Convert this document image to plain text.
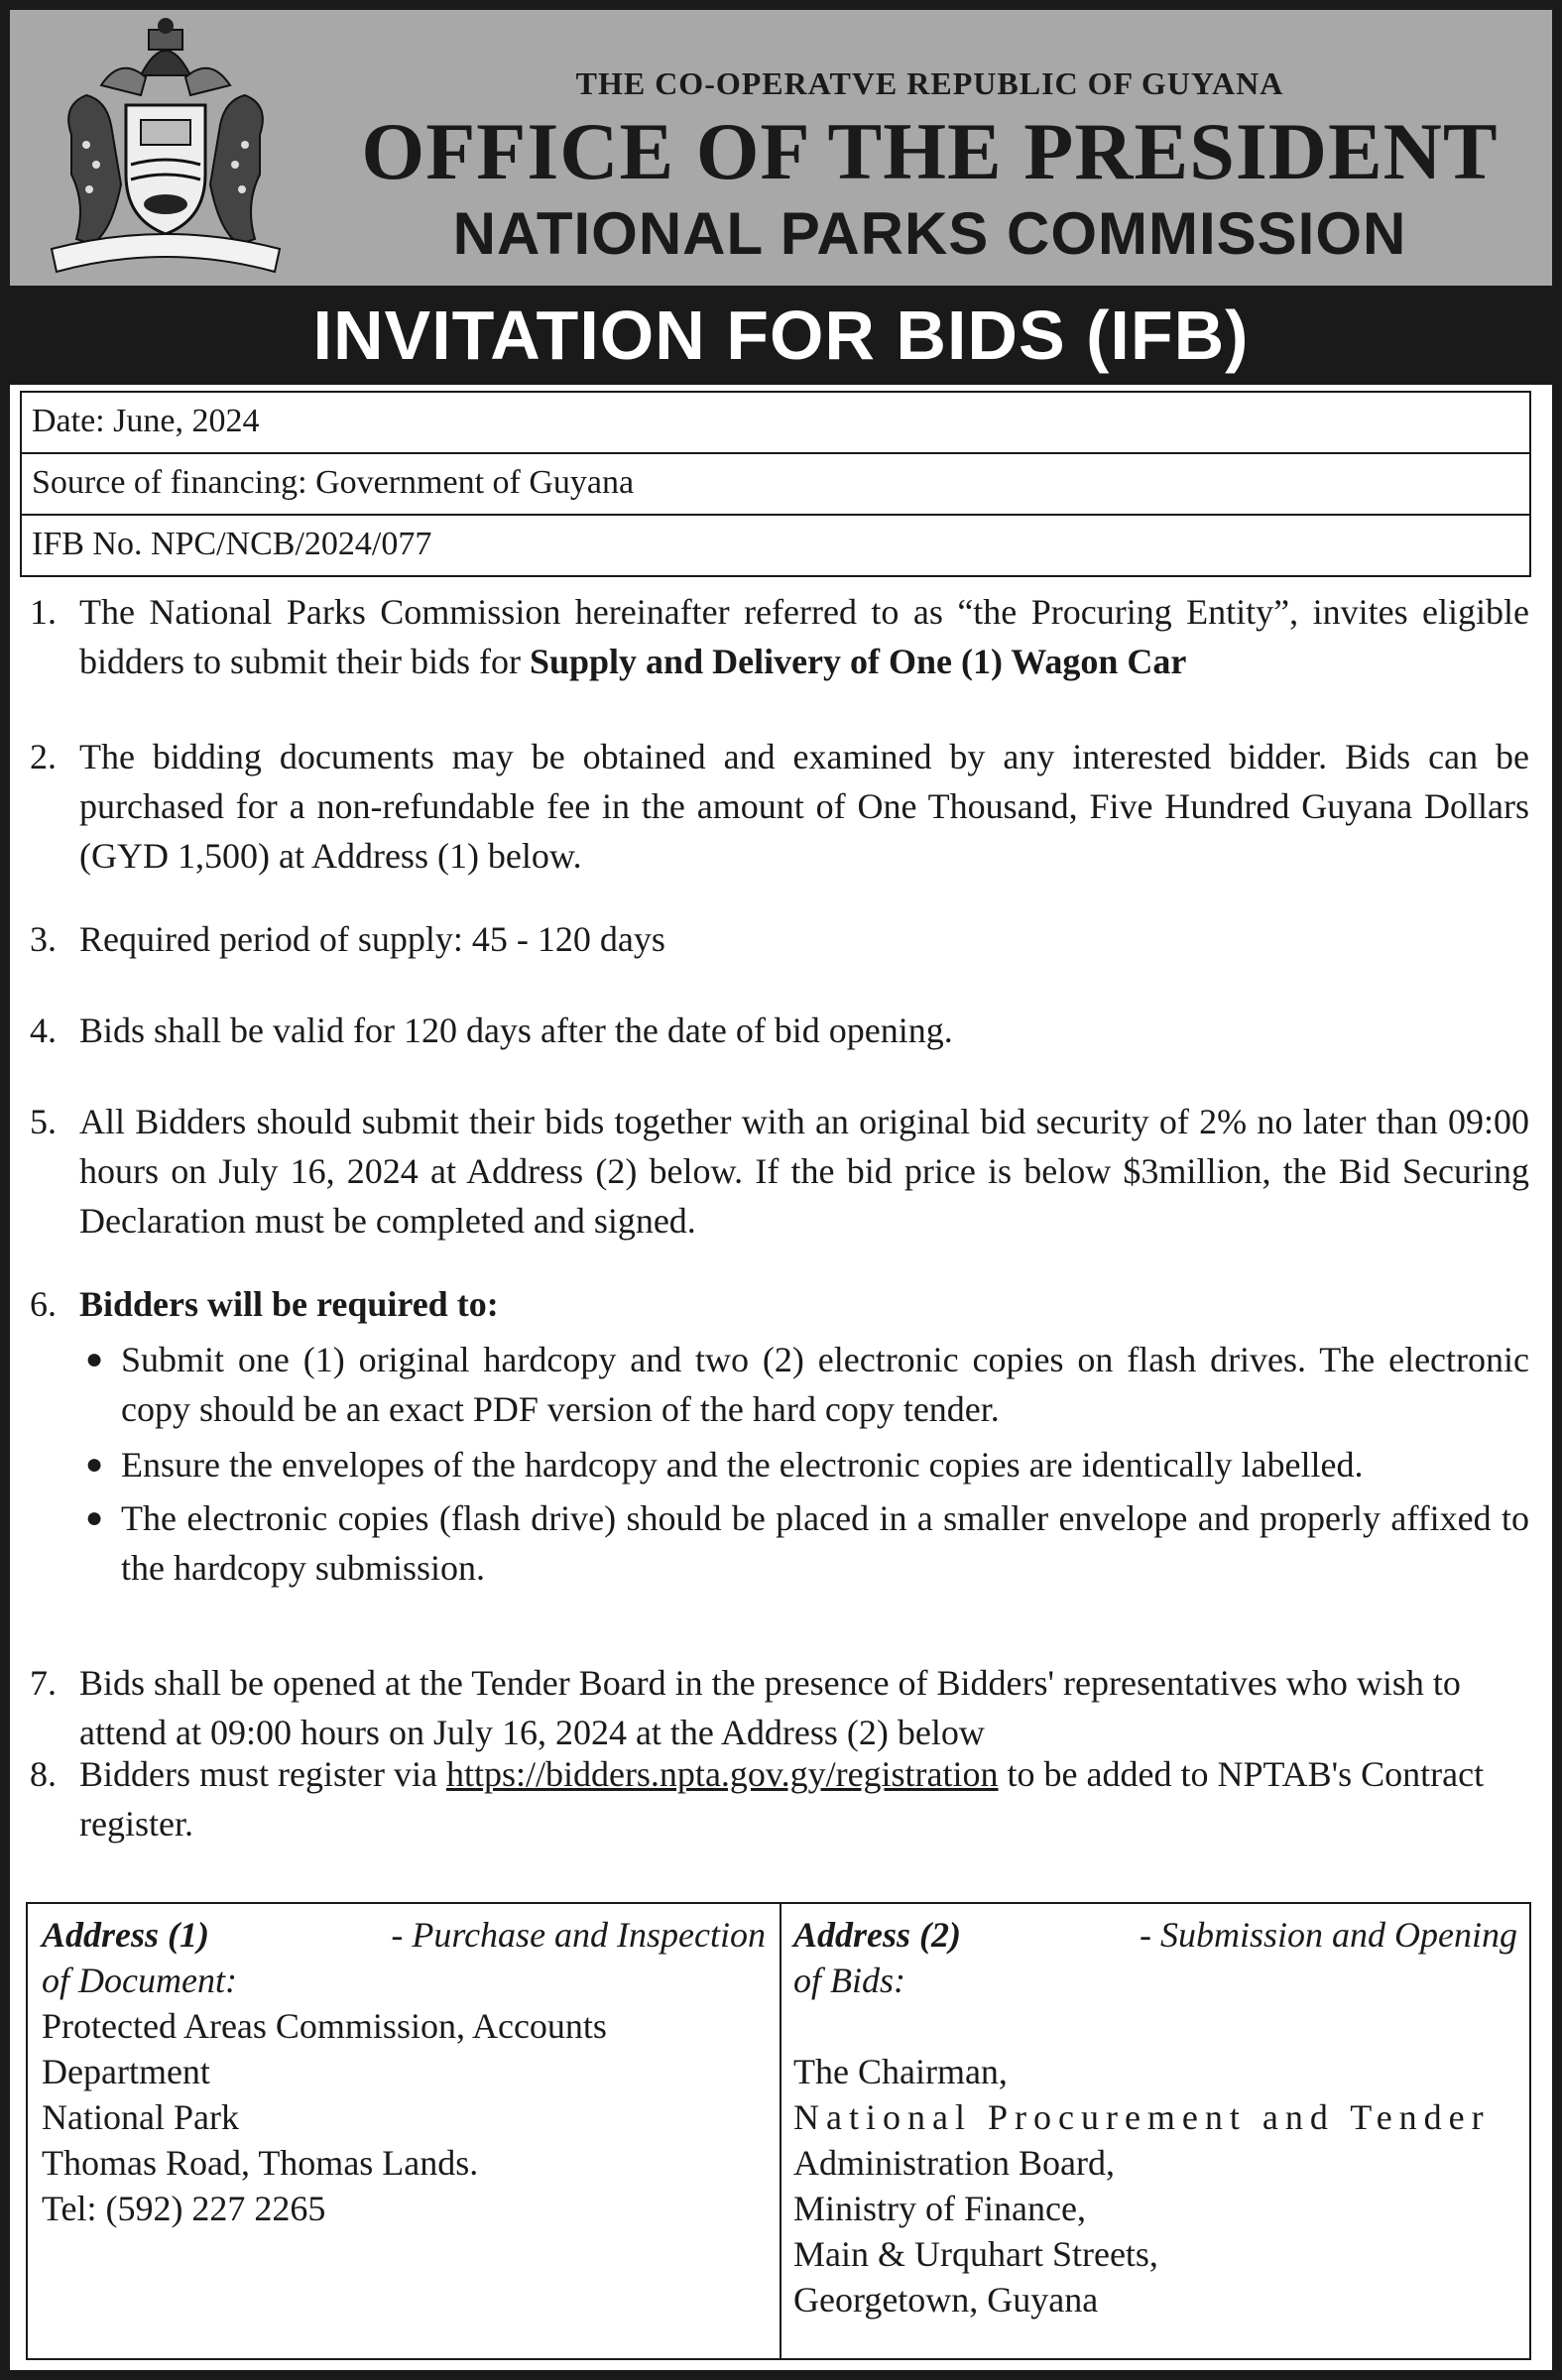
THE CO-OPERATVE REPUBLIC OF GUYANA
OFFICE OF THE PRESIDENT
NATIONAL PARKS COMMISSION
INVITATION FOR BIDS (IFB)
Date: June, 2024
Source of financing: Government of Guyana
IFB No. NPC/NCB/2024/077
1. The National Parks Commission hereinafter referred to as “the Procuring Entity”, invites eligible bidders to submit their bids for Supply and Delivery of One (1) Wagon Car
2. The bidding documents may be obtained and examined by any interested bidder. Bids can be purchased for a non-refundable fee in the amount of One Thousand, Five Hundred Guyana Dollars (GYD 1,500) at Address (1) below.
3. Required period of supply: 45 - 120 days
4. Bids shall be valid for 120 days after the date of bid opening.
5. All Bidders should submit their bids together with an original bid security of 2% no later than 09:00 hours on July 16, 2024 at Address (2) below. If the bid price is below $3million, the Bid Securing Declaration must be completed and signed.
6. Bidders will be required to:
● Submit one (1) original hardcopy and two (2) electronic copies on flash drives. The electronic copy should be an exact PDF version of the hard copy tender.
● Ensure the envelopes of the hardcopy and the electronic copies are identically labelled.
● The electronic copies (flash drive) should be placed in a smaller envelope and properly affixed to the hardcopy submission.
7. Bids shall be opened at the Tender Board in the presence of Bidders' representatives who wish to attend at 09:00 hours on July 16, 2024 at the Address (2) below
8. Bidders must register via https://bidders.npta.gov.gy/registration to be added to NPTAB's Contract register.
Address (1)	- Purchase and Inspection
of Document:
Protected Areas Commission, Accounts
Department
National Park
Thomas Road, Thomas Lands.
Tel: (592) 227 2265
Address (2)	- Submission and Opening
of Bids:
The Chairman,
National Procurement and Tender
Administration Board,
Ministry of Finance,
Main & Urquhart Streets,
Georgetown, Guyana
